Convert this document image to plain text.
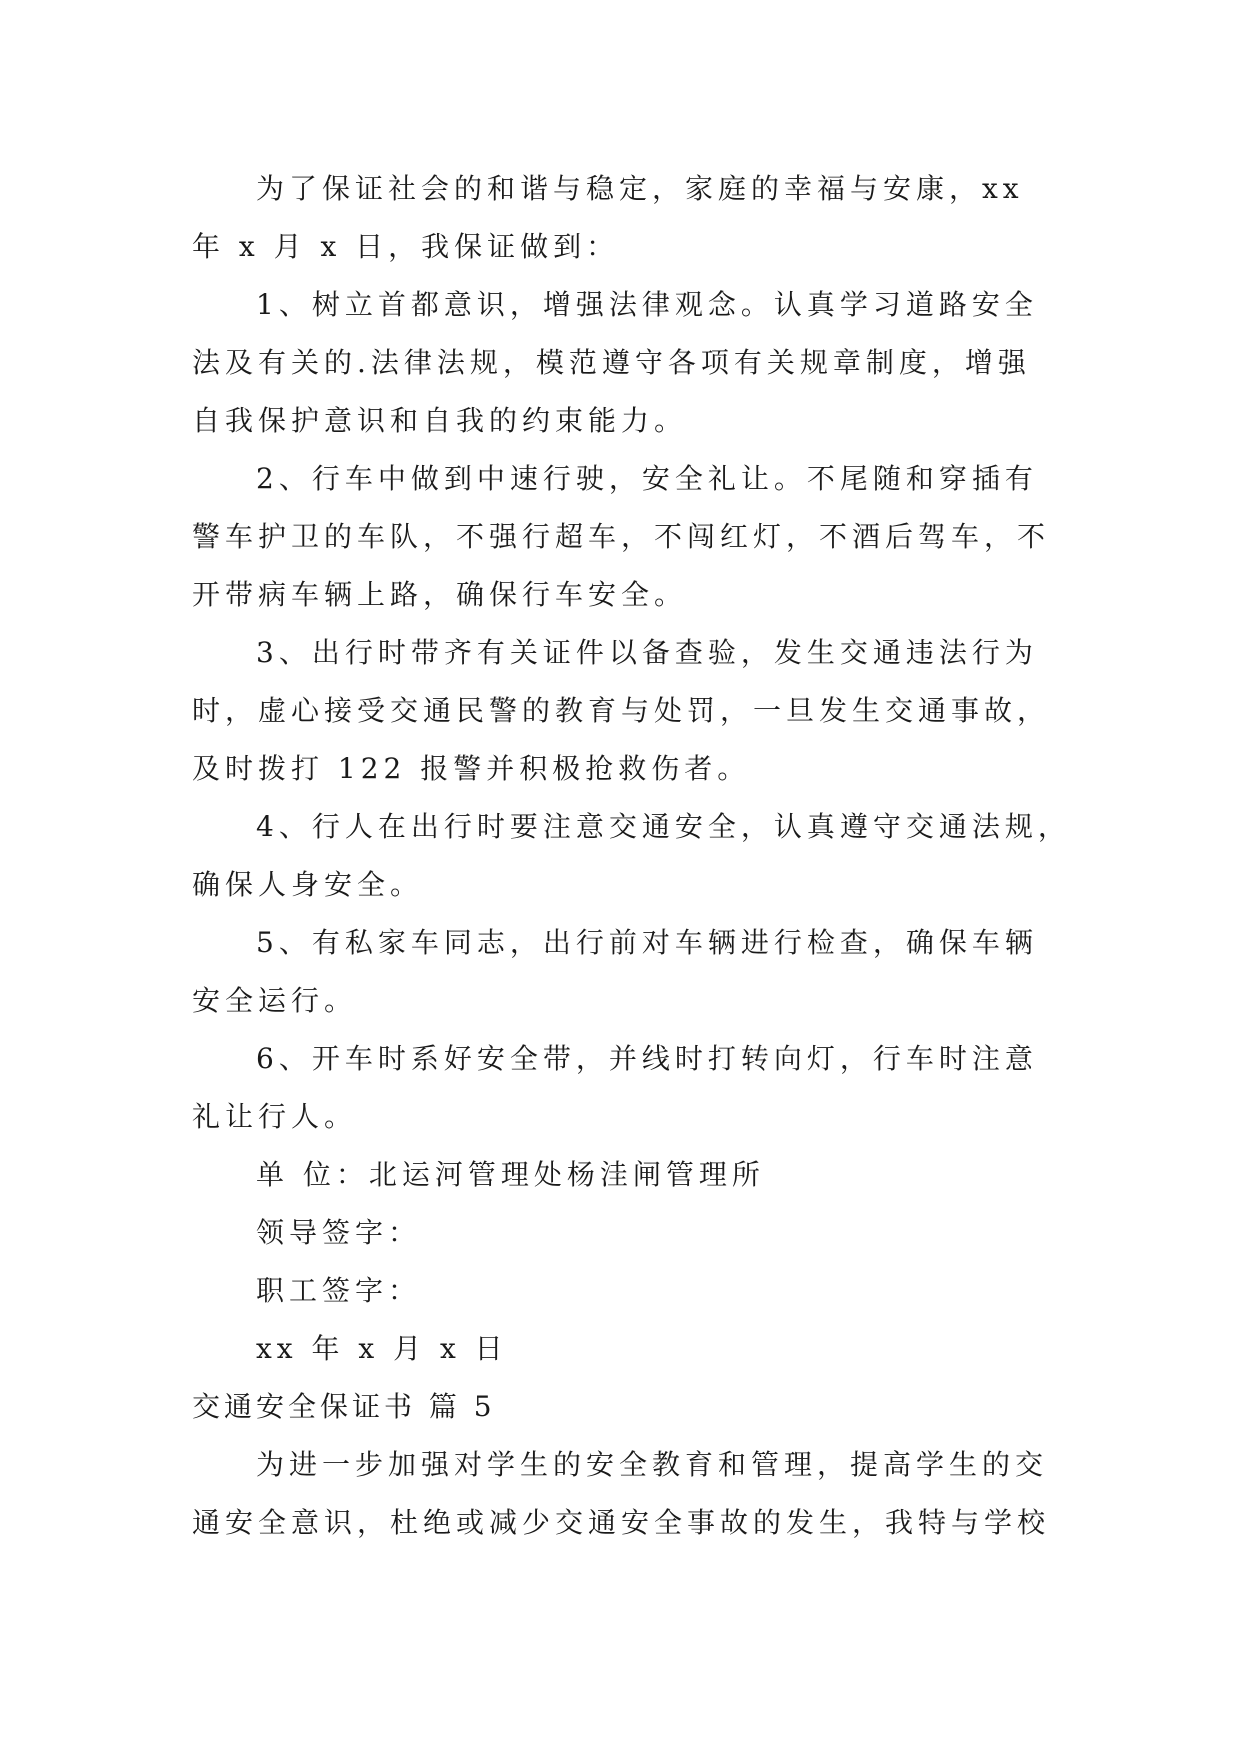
为了保证社会的和谐与稳定，家庭的幸福与安康，xx
年 x 月 x 日，我保证做到：
1、树立首都意识，增强法律观念。认真学习道路安全
法及有关的.法律法规，模范遵守各项有关规章制度，增强
自我保护意识和自我的约束能力。
2、行车中做到中速行驶，安全礼让。不尾随和穿插有
警车护卫的车队，不强行超车，不闯红灯，不酒后驾车，不
开带病车辆上路，确保行车安全。
3、出行时带齐有关证件以备查验，发生交通违法行为
时，虚心接受交通民警的教育与处罚，一旦发生交通事故，
及时拨打 122 报警并积极抢救伤者。
4、行人在出行时要注意交通安全，认真遵守交通法规，
确保人身安全。
5、有私家车同志，出行前对车辆进行检查，确保车辆
安全运行。
6、开车时系好安全带，并线时打转向灯，行车时注意
礼让行人。
单 位：北运河管理处杨洼闸管理所
领导签字：
职工签字：
xx 年 x 月 x 日
交通安全保证书 篇 5
为进一步加强对学生的安全教育和管理，提高学生的交
通安全意识，杜绝或减少交通安全事故的发生，我特与学校
